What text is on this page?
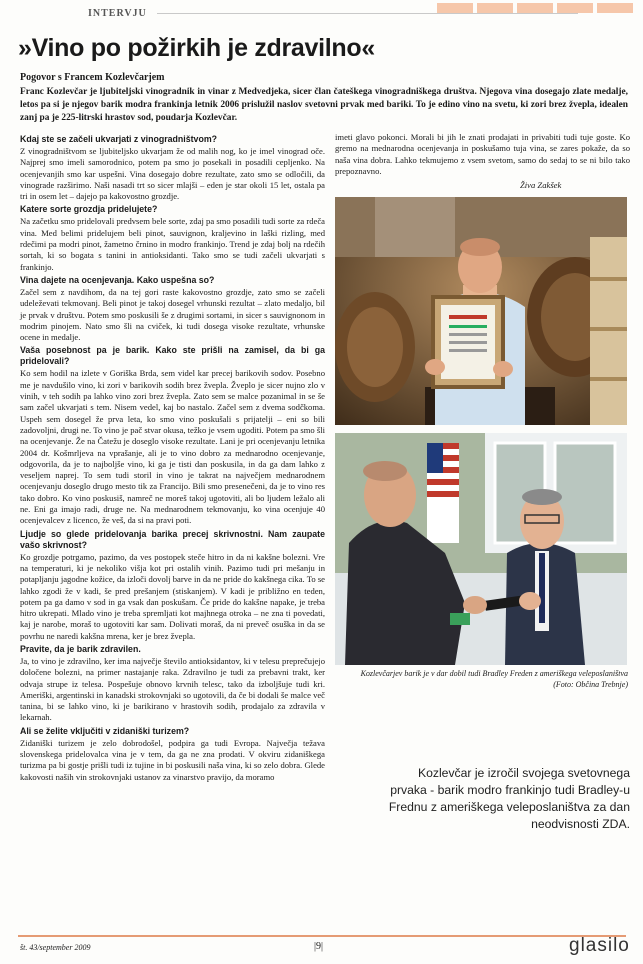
INTERVJU
»Vino po požirkih je zdravilno«
Pogovor s Francem Kozlevčarjem
Franc Kozlevčar je ljubiteljski vinogradnik in vinar z Medvedjeka, sicer član čateškega vinogradniškega društva. Njegova vina dosegajo zlate medalje, letos pa si je njegov barik modra frankinja letnik 2006 prislužil naslov svetovni prvak med bariki. To je edino vino na svetu, ki zori brez žvepla, idealen zanj pa je 225-litrski hrastov sod, poudarja Kozlevčar.
Kdaj ste se začeli ukvarjati z vinogradništvom?

Z vinogradništvom se ljubiteljsko ukvarjam že od malih nog, ko je imel vinograd oče. Najprej smo imeli samorodnico, potem pa smo jo posekali in posadili cepljenko. Na ocenjevanjih smo kar uspešni. Vina dosegajo dobre rezultate, zato smo se odločili, da vinograde razširimo. Naši nasadi trt so sicer mlajši – eden je star okoli 15 let, ostala pa tri in osem let – dajejo pa kakovostno grozdje.

Katere sorte grozdja pridelujete?

Na začetku smo pridelovali predvsem bele sorte, zdaj pa smo posadili tudi sorte za rdeča vina. Med belimi pridelujem beli pinot, sauvignon, kraljevino in laški rizling, med rdečimi pa modri pinot, žametno črnino in modro frankinjo. Trend je zdaj bolj na rdečih sortah, ki so bogata s tanini in antioksidanti. Tako smo se tudi začeli ukvarjati s frankinjo.

Vina dajete na ocenjevanja. Kako uspešna so?

Začel sem z navdihom, da na tej gori raste kakovostno grozdje, zato smo se začeli udeleževati tekmovanj. Beli pinot je takoj dosegel vrhunski rezultat – zlato medaljo, bil je prvak v društvu. Potem smo poskusili še z drugimi sortami, in sicer s sauvignonom in modrim pinojem. Nato smo šli na cviček, ki tudi dosega visoke rezultate, vrhunske ocene in medalje.

Vaša posebnost pa je barik. Kako ste prišli na zamisel, da bi ga pridelovali?

Ko sem hodil na izlete v Goriška Brda, sem videl kar precej barikovih sodov. Posebno me je navdušilo vino, ki zori v barikovih sodih brez žvepla. Žveplo je sicer nujno zlo v vinih, v teh sodih pa lahko vino zori brez žvepla. Zato sem se malce pozanimal in se še sam začel ukvarjati s tem. Nisem vedel, kaj bo nastalo. Začel sem z dvema sodčkoma. Uspeh sem dosegel že prva leta, ko smo vino poskušali s prijatelji – eni so bili zadovoljni, drugi ne. To vino je pač stvar okusa, težko je vsem ugoditi. Potem pa smo šli na ocenjevanje. Že na Čatežu je doseglo visoke rezultate. Lani je pri ocenjevanju letnika 2004 dr. Košmrljeva na vprašanje, ali je to vino dobro za mednarodno ocenjevanje, odgovorila, da je to najboljše vino, ki ga je tisti dan poskusila, in da ga dam lahko z veseljem naprej. To sem tudi storil in vino je takrat na največjem mednarodnem ocenjevanju doseglo drugo mesto tik za Francijo. Bili smo presenečeni, da je to vino res tako dobro. Ko vino poskusiš, namreč ne moreš takoj ugotoviti, ali bo ljudem ležalo ali ne. Eni ga imajo radi, druge ne. Na mednarodnem tekmovanju, ko vina ocenjuje 40 ocenjevalcev z licenco, že veš, da si na pravi poti.

Ljudje so glede pridelovanja barika precej skrivnostni. Nam zaupate vašo skrivnost?

Ko grozdje potrgamo, pazimo, da ves postopek steče hitro in da ni kakšne bolezni. Vre na temperaturi, ki je nekoliko višja kot pri ostalih vinih. Pazimo tudi pri mešanju in potapljanju jagodne kožice, da izloči dovolj barve in da ne pride do kakšnega cika. To se lahko zgodi že v kadi, še pred prešanjem (stiskanjem). V kadi je približno en teden, potem pa ga damo v sod in ga vsak dan poskušam. Če pride do kakšne napake, je treba hitro ukrepati. Mlado vino je treba spremljati kot majhnega otroka – ne zna ti povedati, kaj je narobe, moraš to ugotoviti kar sam. Dolivati moraš, da ni preveč osuška in da se povrhu ne naredi kakšna mrena, ker je brez žvepla.

Pravite, da je barik zdravilen.

Ja, to vino je zdravilno, ker ima največje število antioksidantov, ki v telesu preprečujejo določene bolezni, na primer nastajanje raka. Zdravilno je tudi za prebavni trakt, ker odvaja strupe iz telesa. Pospešuje obnovo krvnih telesc, tako da izboljšuje tudi kri. Ameriški, argentinski in kanadski strokovnjaki so ugotovili, da če bi dodali še malce več tanina, bi se lahko vino, ki je barikirano v hrastovih sodih, prodajalo za zdravila v lekarnah.

Ali se želite vključiti v zidaniški turizem?

Zidaniški turizem je zelo dobrodošel, podpira ga tudi Evropa. Največja težava slovenskega pridelovalca vina je v tem, da ga ne zna prodati. V okviru zidaniškega turizma pa bi gostje prišli tudi iz tujine in bi poskusili naša vina, ki so zelo dobra. Glede kakovosti naših vin strokovnjaki ustanov za vinarstvo pravijo, da moramo

imeti glavo pokonci. Morali bi jih le znati prodajati in privabiti tudi tuje goste. Ko gremo na mednarodna ocenjevanja in poskušamo tuja vina, se zares pokaže, da so naša vina dobra. Lahko tekmujemo z vsem svetom, samo do sedaj to se ni bilo tako prepoznavno.

Živa Zakšek
Kozlevčarjev barik je v dar dobil tudi Bradley Freden z ameriškega veleposlaništva (Foto: Občina Trebnje)
Kozlevčar je izročil svojega svetovnega prvaka - barik modro frankinjo tudi Bradley-u Frednu z ameriškega veleposlaništva za dan neodvisnosti ZDA.
št. 43/september 2009	|9|	glasilo
